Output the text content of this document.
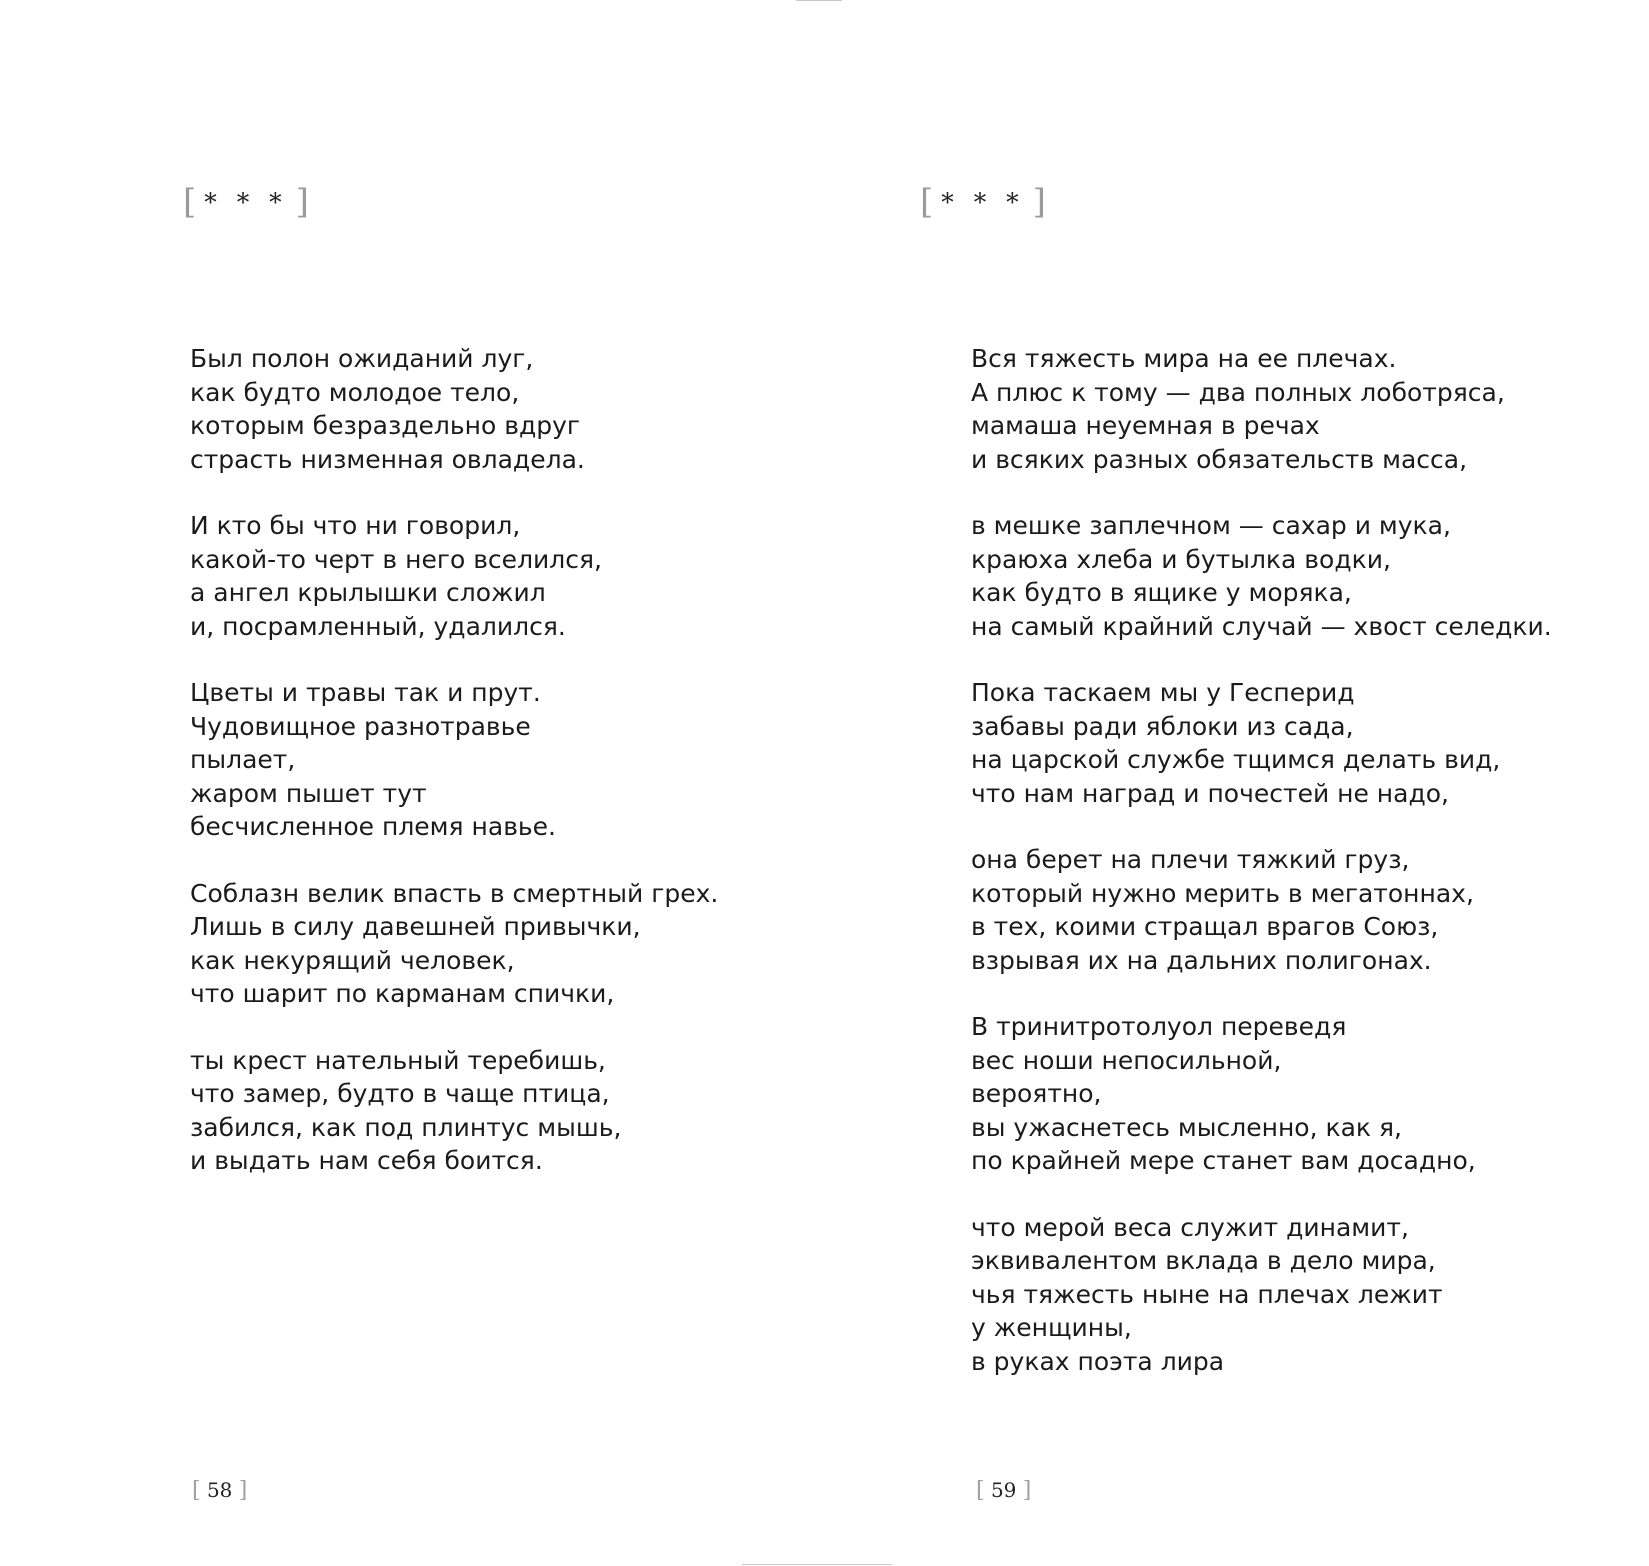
[ * * * ]
Был полон ожиданий луг,
как будто молодое тело,
которым безраздельно вдруг
страсть низменная овладела.
И кто бы что ни говорил,
какой-то черт в него вселился,
а ангел крылышки сложил
и, посрамленный, удалился.
Цветы и травы так и прут.
Чудовищное разнотравье
пылает,
жаром пышет тут
бесчисленное племя навье.
Соблазн велик впасть в смертный грех.
Лишь в силу давешней привычки,
как некурящий человек,
что шарит по карманам спички,
ты крест нательный теребишь,
что замер, будто в чаще птица,
забился, как под плинтус мышь,
и выдать нам себя боится.
[ 58 ]
[ * * * ]
Вся тяжесть мира на ее плечах.
А плюс к тому — два полных лоботряса,
мамаша неуемная в речах
и всяких разных обязательств масса,
в мешке заплечном — сахар и мука,
краюха хлеба и бутылка водки,
как будто в ящике у моряка,
на самый крайний случай — хвост селедки.
Пока таскаем мы у Гесперид
забавы ради яблоки из сада,
на царской службе тщимся делать вид,
что нам наград и почестей не надо,
она берет на плечи тяжкий груз,
который нужно мерить в мегатоннах,
в тех, коими стращал врагов Союз,
взрывая их на дальних полигонах.
В тринитротолуол переведя
вес ноши непосильной,
вероятно,
вы ужаснетесь мысленно, как я,
по крайней мере станет вам досадно,
что мерой веса служит динамит,
эквивалентом вклада в дело мира,
чья тяжесть ныне на плечах лежит
у женщины,
в руках поэта лира
[ 59 ]
